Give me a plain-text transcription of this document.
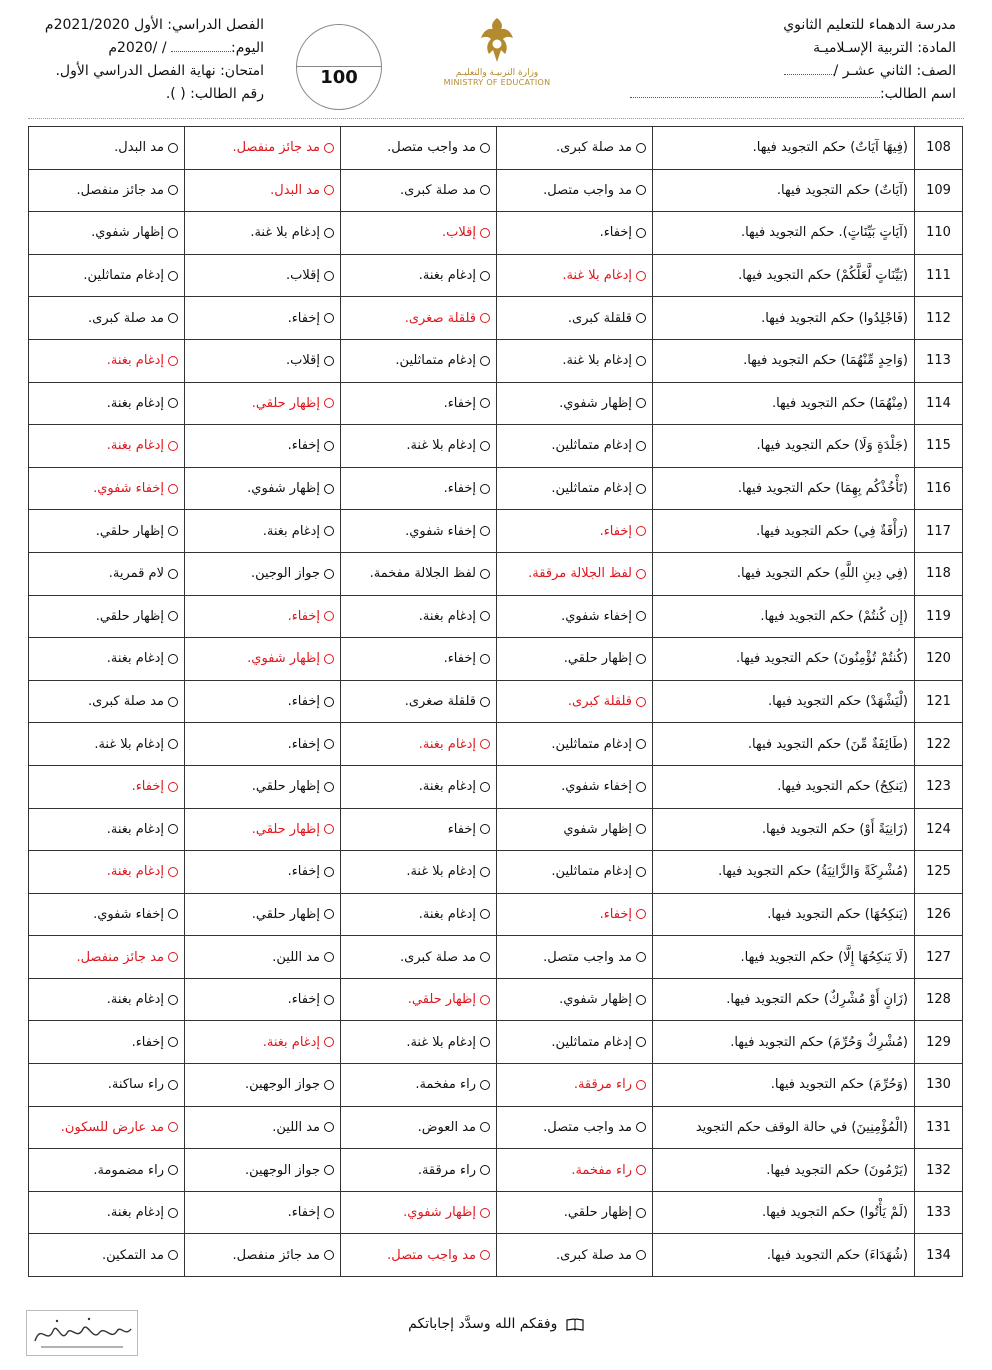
مدرسة الدهماء للتعليم الثانوي
المادة: التربية الإسـلاميـة
الصف: الثاني عشـر /
اسم الطالب:
وزارة التربيـة والتعليـم
MINISTRY OF EDUCATION
100
الفصل الدراسي: الأول 2021/2020م
اليوم: / /2020م
امتحان: نهاية الفصل الدراسي الأول.
رقم الطالب: ( ).
108	(فِيهَا آيَاتٌ) حكم التجويد فيها.	مد صلة كبرى.	مد واجب متصل.	مد جائز منفصل.	مد البدل.
109	(آيَاتٌ) حكم التجويد فيها.	مد واجب متصل.	مد صلة كبرى.	مد البدل.	مد جائز منفصل.
110	(آيَاتٍ بَيِّنَاتٍ). حكم التجويد فيها.	إخفاء.	إقلاب.	إدغام بلا غنة.	إظهار شفوي.
111	(بَيِّنَاتٍ لَّعَلَّكُمْ) حكم التجويد فيها.	إدغام بلا غنة.	إدغام بغنة.	إقلاب.	إدغام متماثلين.
112	(فَاجْلِدُوا) حكم التجويد فيها.	قلقلة كبرى.	قلقلة صغرى.	إخفاء.	مد صلة كبرى.
113	(وَاحِدٍ مِّنْهُمَا) حكم التجويد فيها.	إدغام بلا غنة.	إدغام متماثلين.	إقلاب.	إدغام بغنة.
114	(مِنْهُمَا) حكم التجويد فيها.	إظهار شفوي.	إخفاء.	إظهار حلقي.	إدغام بغنة.
115	(جَلْدَةٍ وَلَا) حكم التجويد فيها.	إدغام متماثلين.	إدغام بلا غنة.	إخفاء.	إدغام بغنة.
116	(تَأْخُذْكُم بِهِمَا) حكم التجويد فيها.	إدغام متماثلين.	إخفاء.	إظهار شفوي.	إخفاء شفوي.
117	(رَأْفَةٌ فِي) حكم التجويد فيها.	إخفاء.	إخفاء شفوي.	إدغام بغنة.	إظهار حلقي.
118	(فِي دِينِ اللَّهِ) حكم التجويد فيها.	لفظ الجلالة مرققة.	لفظ الجلالة مفخمة.	جواز الوجين.	لام قمرية.
119	(إِن كُنتُمْ) حكم التجويد فيها.	إخفاء شفوي.	إدغام بغنة.	إخفاء.	إظهار حلقي.
120	(كُنتُمْ تُؤْمِنُونَ) حكم التجويد فيها.	إظهار حلقي.	إخفاء.	إظهار شفوي.	إدغام بغنة.
121	(لْيَشْهَدْ) حكم التجويد فيها.	قلقلة كبرى.	قلقلة صغرى.	إخفاء.	مد صلة كبرى.
122	(طَائِفَةٌ مِّنَ) حكم التجويد فيها.	إدغام متماثلين.	إدغام بغنة.	إخفاء.	إدغام بلا غنة.
123	(يَنكِحُ) حكم التجويد فيها.	إخفاء شفوي.	إدغام بغنة.	إظهار حلقي.	إخفاء.
124	(زَانِيَةً أَوْ) حكم التجويد فيها.	إظهار شفوي	إخفاء	إظهار حلقي.	إدغام بغنة.
125	(مُشْرِكَةً وَالزَّانِيَةُ) حكم التجويد فيها.	إدغام متماثلين.	إدغام بلا غنة.	إخفاء.	إدغام بغنة.
126	(يَنكِحُهَا) حكم التجويد فيها.	إخفاء.	إدغام بغنة.	إظهار حلقي.	إخفاء شفوي.
127	(لَا يَنكِحُهَا إِلَّا) حكم التجويد فيها.	مد واجب متصل.	مد صلة كبرى.	مد اللين.	مد جائز منفصل.
128	(زَانٍ أَوْ مُشْرِكٌ) حكم التجويد فيها.	إظهار شفوي.	إظهار حلقي.	إخفاء.	إدغام بغنة.
129	(مُشْرِكٌ وَحُرِّمَ) حكم التجويد فيها.	إدغام متماثلين.	إدغام بلا غنة.	إدغام بغنة.	إخفاء.
130	(وَحُرِّمَ) حكم التجويد فيها.	راء مرققة.	راء مفخمة.	جواز الوجهين.	راء ساكنة.
131	(الْمُؤْمِنِينَ) في حالة الوقف حكم التجويد	مد واجب متصل.	مد العوض.	مد اللين.	مد عارض للسكون.
132	(يَرْمُونَ) حكم التجويد فيها.	راء مفخمة.	راء مرققة.	جواز الوجهين.	راء مضمومة.
133	(لَمْ يَأْتُوا) حكم التجويد فيها.	إظهار حلقي.	إظهار شفوي.	إخفاء.	إدغام بغنة.
134	(شُهَدَاءَ) حكم التجويد فيها.	مد صلة كبرى.	مد واجب متصل.	مد جائز منفصل.	مد التمكين.
وفقكم الله وسدَّد إجاباتكم
